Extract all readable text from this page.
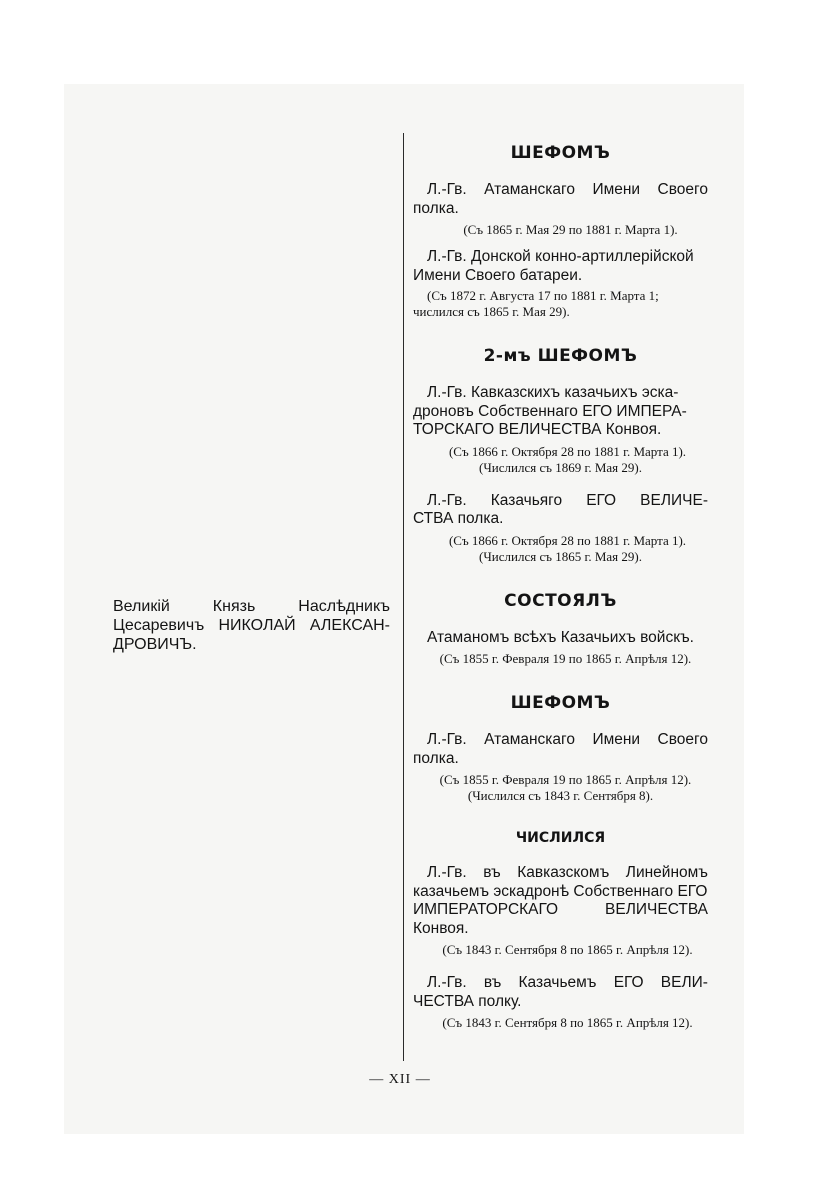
Великiй	Князь	Наслѣдникъ
Цесаревичъ НИКОЛАЙ АЛЕКСАН-
ДРОВИЧЪ.
ШЕФОМЪ
Л.-Гв. Атаманскаго Имени Своего
полка.
(Съ 1865 г. Мая 29 по 1881 г. Марта 1).
Л.-Гв. Донской конно-артиллерiйской
Имени Своего батареи.
(Съ 1872 г. Августа 17 по 1881 г. Марта 1;
числился съ 1865 г. Мая 29).
2-мъ ШЕФОМЪ
Л.-Гв. Кавказскихъ казачьихъ эска-
дроновъ Собственнаго ЕГО ИМПЕРА-
ТОРСКАГО ВЕЛИЧЕСТВА Конвоя.
(Съ 1866 г. Октября 28 по 1881 г. Марта 1).
(Числился съ 1869 г. Мая 29).
Л.-Гв. Казачьяго ЕГО ВЕЛИЧЕ-
СТВА полка.
(Съ 1866 г. Октября 28 по 1881 г. Марта 1).
(Числился съ 1865 г. Мая 29).
СОСТОЯЛЪ
Атаманомъ всѣхъ Казачьихъ войскъ.
(Съ 1855 г. Февраля 19 по 1865 г. Апрѣля 12).
ШЕФОМЪ
Л.-Гв. Атаманскаго Имени Своего
полка.
(Съ 1855 г. Февраля 19 по 1865 г. Апрѣля 12).
(Числился съ 1843 г. Сентября 8).
ЧИСЛИЛСЯ
Л.-Гв. въ Кавказскомъ Линейномъ
казачьемъ эскадронѣ Собственнаго ЕГО
ИМПЕРАТОРСКАГО	ВЕЛИЧЕСТВА
Конвоя.
(Съ 1843 г. Сентября 8 по 1865 г. Апрѣля 12).
Л.-Гв. въ Казачьемъ ЕГО ВЕЛИ-
ЧЕСТВА полку.
(Съ 1843 г. Сентября 8 по 1865 г. Апрѣля 12).
— XII —
